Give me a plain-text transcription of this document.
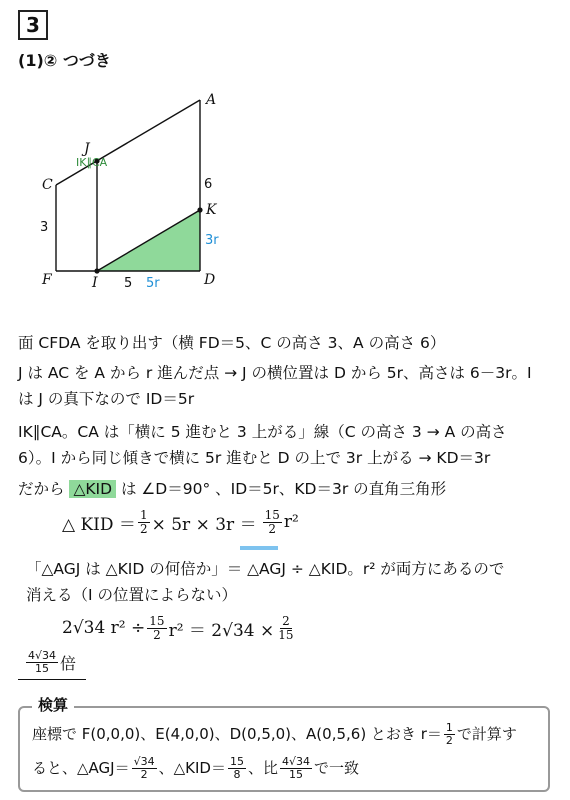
3
(1)② つづき
A
J
IK∥CA
C	6
K
3
3r
F	I 5 5r	D
面 CFDA を取り出す（横 FD＝5、C の高さ 3、A の高さ 6）
J は AC を A から r 進んだ点 → J の横位置は D から 5r、高さは 6－3r。I
は J の真下なので ID＝5r
IK∥CA。CA は「横に 5 進むと 3 上がる」線（C の高さ 3 → A の高さ
6）。I から同じ傾きで横に 5r 進むと D の上で 3r 上がる → KD＝3r
だから △KID は ∠D＝90° 、ID＝5r、KD＝3r の直角三角形
△ KID ＝ $\frac{1}{2} \times 5r \times 3r = \frac{15}{2} r^2$
「△AGJ は △KID の何倍か」＝ △AGJ ÷ △KID。r² が両方にあるので
消える（I の位置によらない）
2√34 $r^2 \div \frac{15}{2} r^2 = 2√34 \times \frac{2}{15}$
$\frac{4√34}{15}$ 倍
検算
座標で F(0,0,0)、E(4,0,0)、D(0,5,0)、A(0,5,6) とおき $r= \frac{1}{2}$ で計算す
ると、△AGJ＝ $\frac{√34}{2}$ 、△KID＝ $\frac{15}{8}$ 、比 $\frac{4√34}{15}$ で一致
